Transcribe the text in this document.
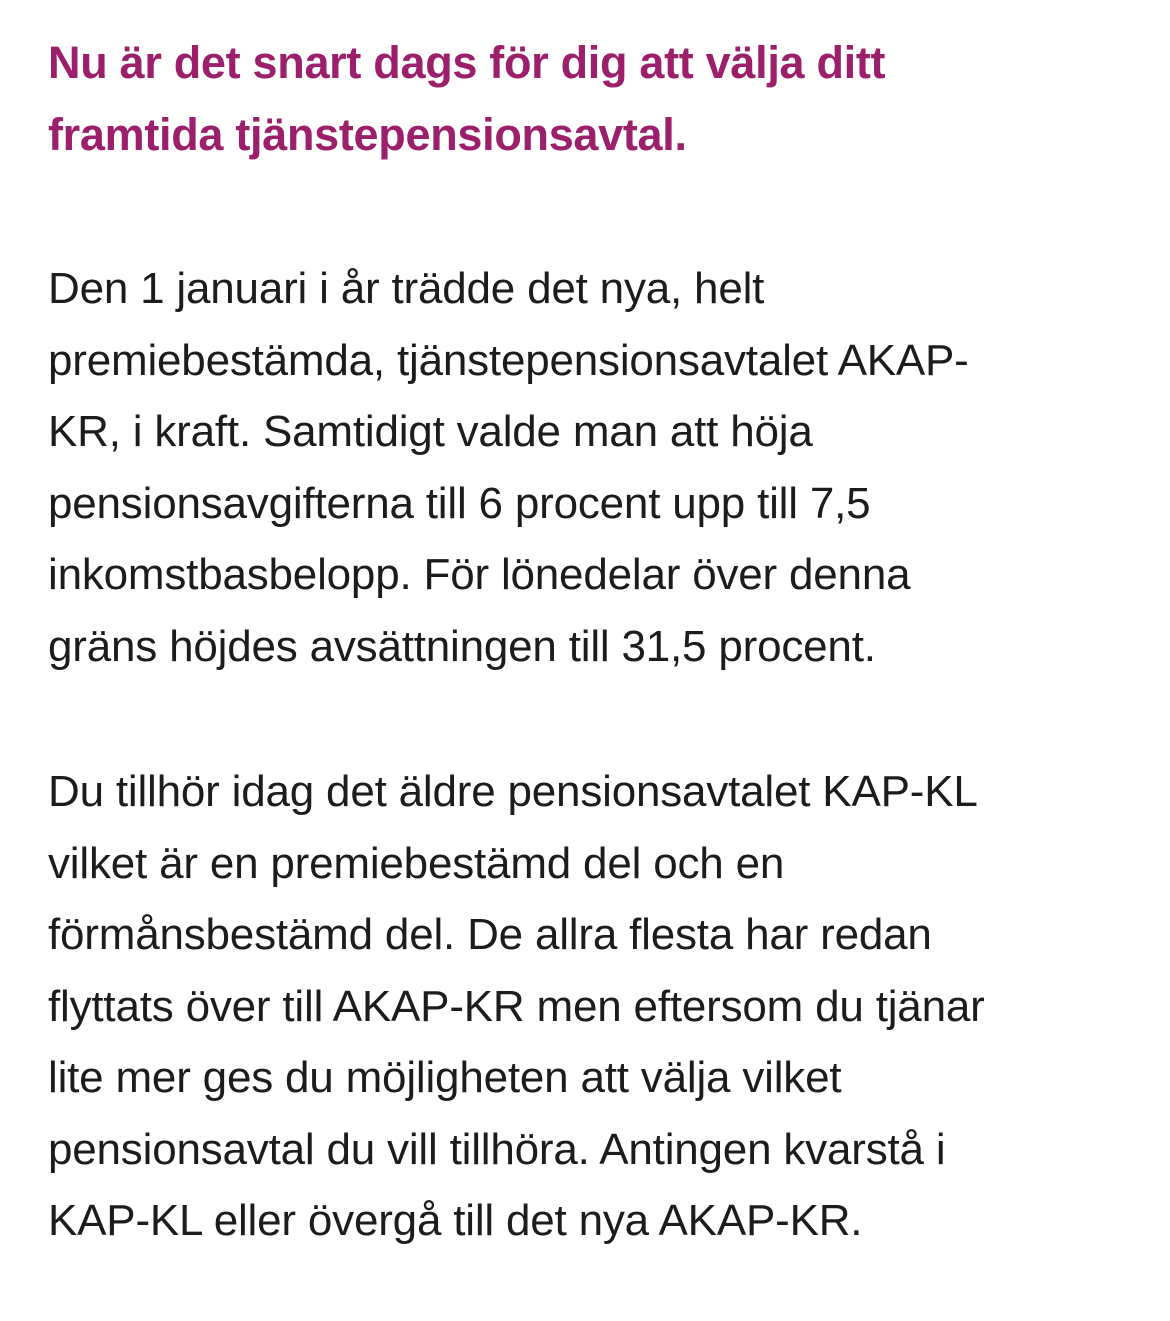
Nu är det snart dags för dig att välja ditt
framtida tjänstepensionsavtal.

Den 1 januari i år trädde det nya, helt
premiebestämda, tjänstepensionsavtalet AKAP-
KR, i kraft. Samtidigt valde man att höja
pensionsavgifterna till 6 procent upp till 7,5
inkomstbasbelopp. För lönedelar över denna
gräns höjdes avsättningen till 31,5 procent.

Du tillhör idag det äldre pensionsavtalet KAP-KL
vilket är en premiebestämd del och en
förmånsbestämd del. De allra flesta har redan
flyttats över till AKAP-KR men eftersom du tjänar
lite mer ges du möjligheten att välja vilket
pensionsavtal du vill tillhöra. Antingen kvarstå i
KAP-KL eller övergå till det nya AKAP-KR.
